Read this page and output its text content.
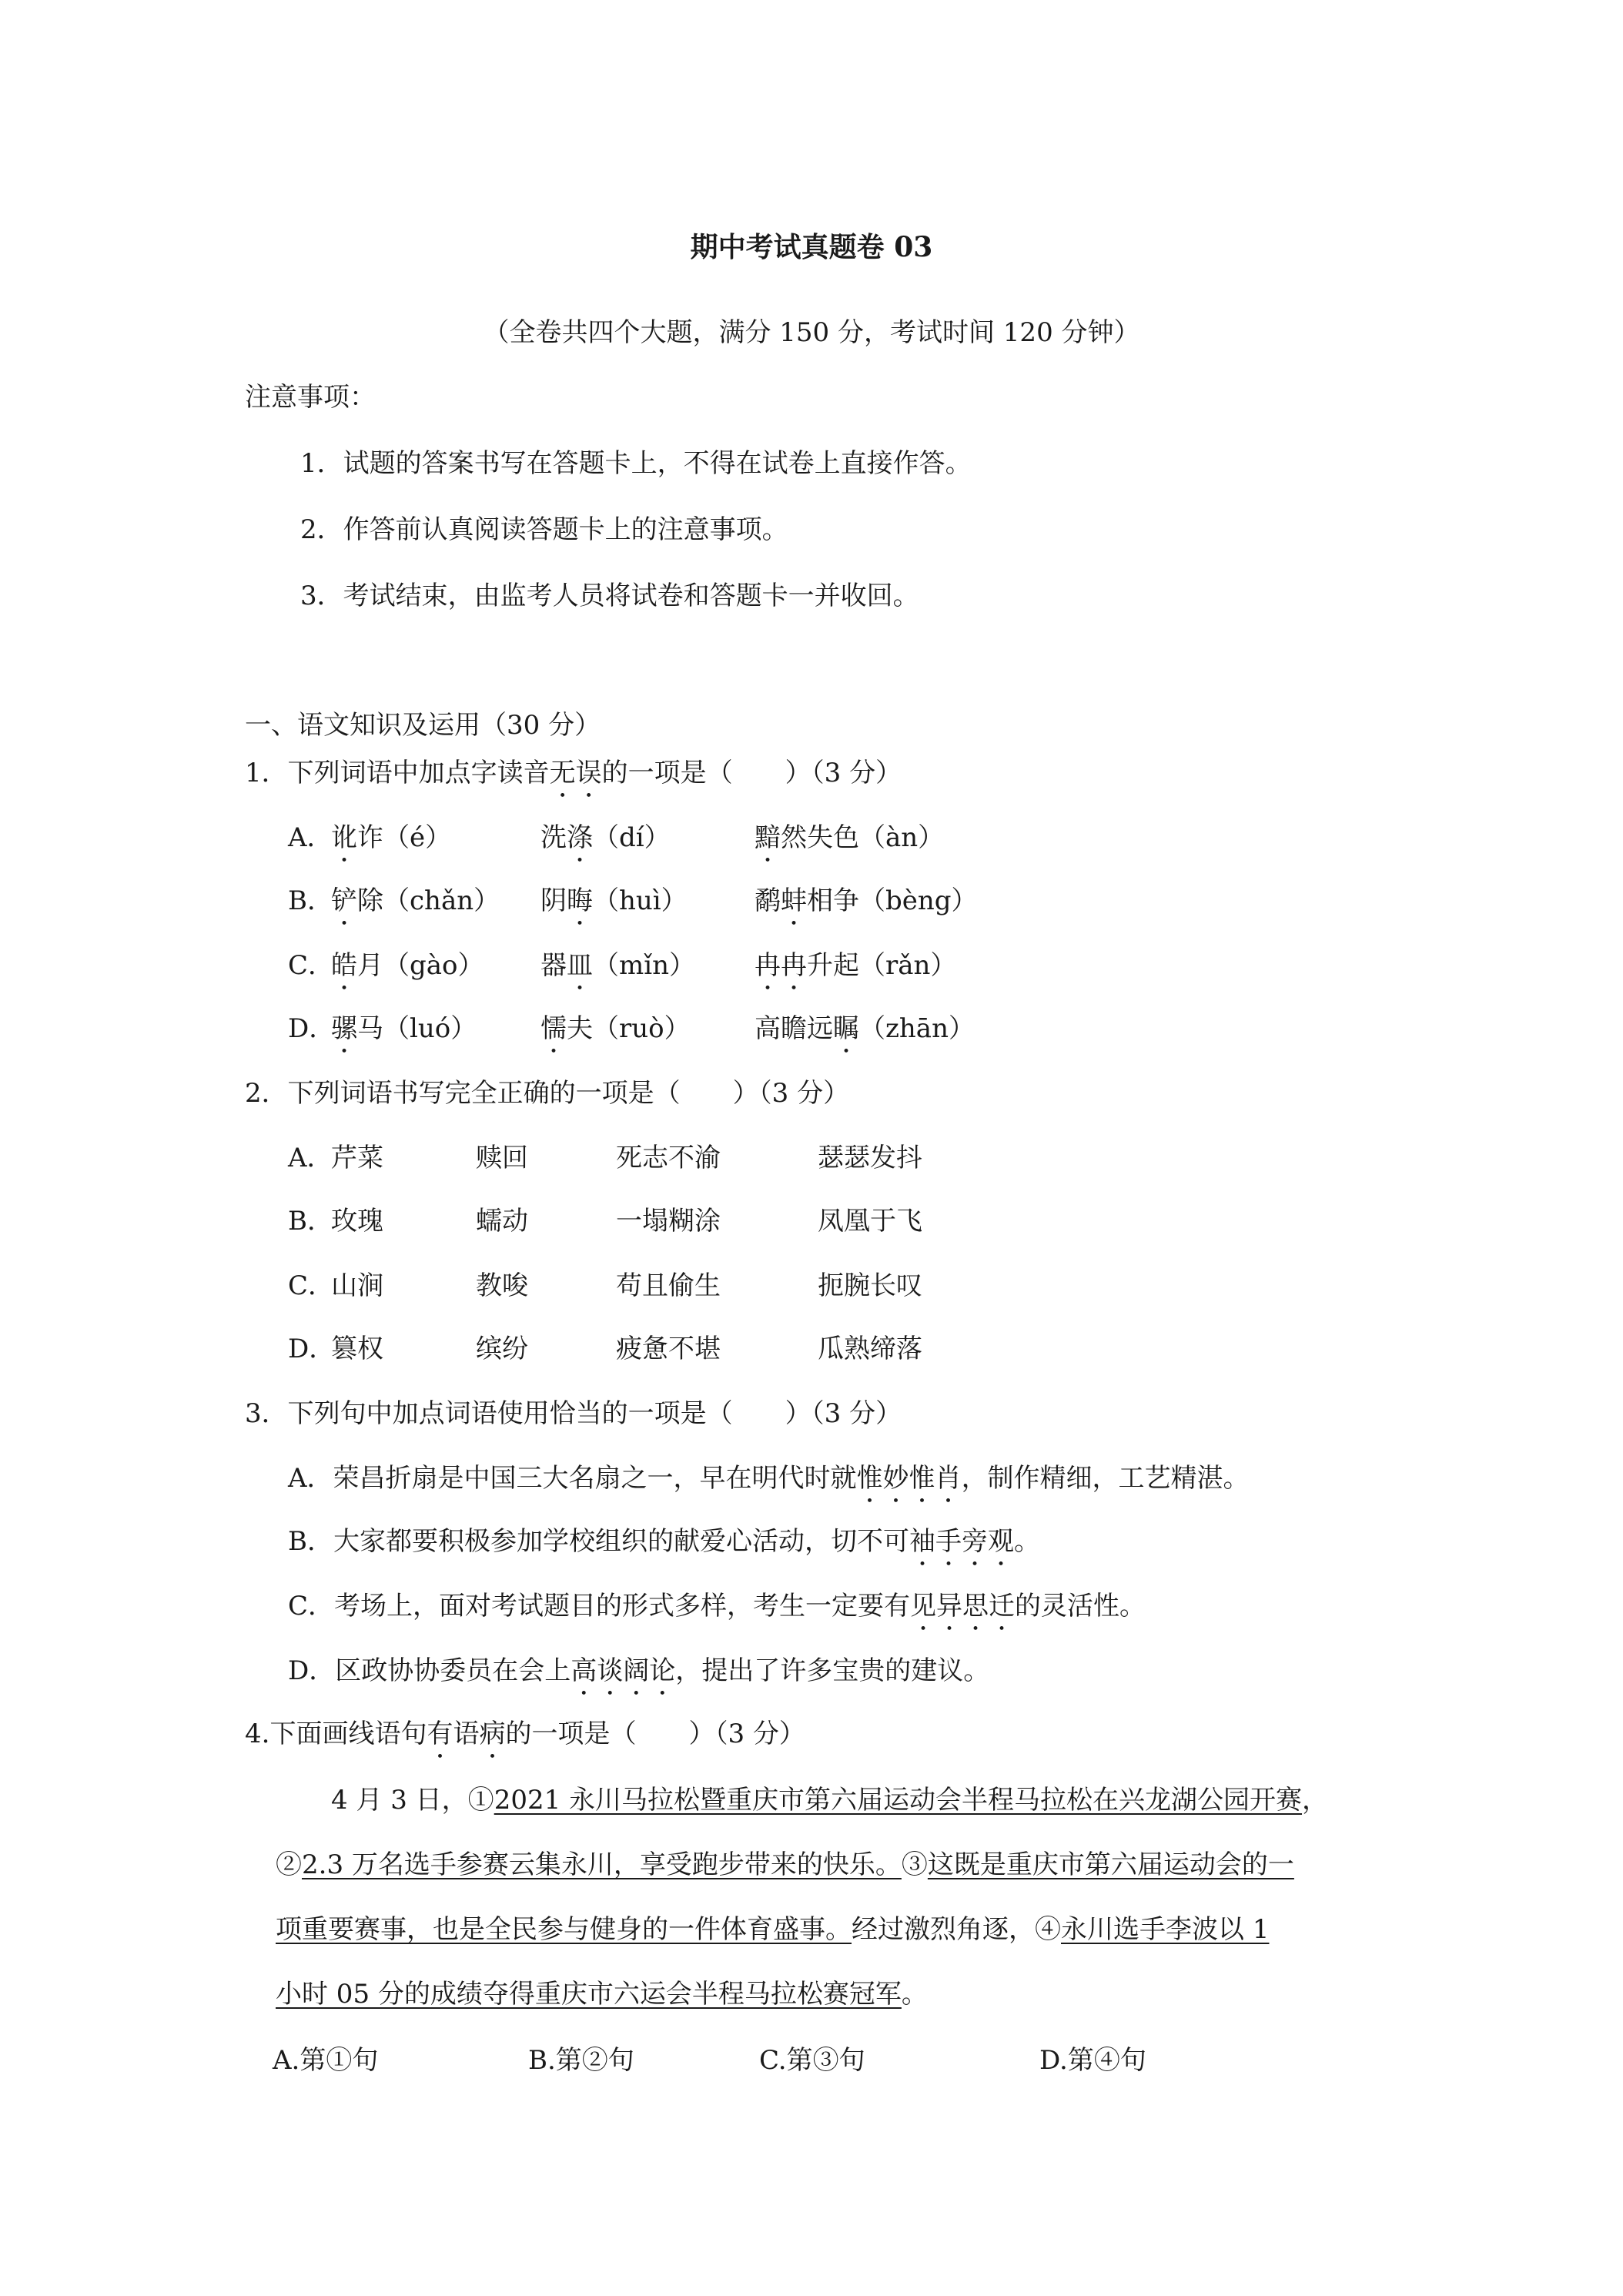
期中考试真题卷 03
（全卷共四个大题，满分 150 分，考试时间 120 分钟）
注意事项：
1．试题的答案书写在答题卡上，不得在试卷上直接作答。
2．作答前认真阅读答题卡上的注意事项。
3．考试结束，由监考人员将试卷和答题卡一并收回。
一、语文知识及运用（30 分）
1．下列词语中加点字读音无误的一项是（　　）（3 分）
A．
讹诈（é）	洗涤（dí）	黯然失色（àn）
B．
铲除（chǎn） 阴晦（huì）	鹬蚌相争（bèng）
C．
皓月（gào） 器皿（mǐn） 冉冉升起（rǎn）
D．
骡马（luó） 懦夫（ruò） 高瞻远瞩（zhān）
2．下列词语书写完全正确的一项是（　　）（3 分）
A．
芹菜	赎回	死志不渝	瑟瑟发抖
B．
玫瑰	蠕动	一塌糊涂	凤凰于飞
C．
山涧	教唆	苟且偷生	扼腕长叹
D．
篡权	缤纷	疲惫不堪	瓜熟缔落
3．下列句中加点词语使用恰当的一项是（　　）（3 分）
A．荣昌折扇是中国三大名扇之一，早在明代时就惟妙惟肖，制作精细，工艺精湛。
B．大家都要积极参加学校组织的献爱心活动，切不可袖手旁观。
C．考场上，面对考试题目的形式多样，考生一定要有见异思迁的灵活性。
D．区政协协委员在会上高谈阔论，提出了许多宝贵的建议。
4.下面画线语句有语病的一项是（　　）（3 分）
4 月 3 日，①2021 永川马拉松暨重庆市第六届运动会半程马拉松在兴龙湖公园开赛，
②2.3 万名选手参赛云集永川，享受跑步带来的快乐。③这既是重庆市第六届运动会的一
项重要赛事，也是全民参与健身的一件体育盛事。经过激烈角逐，④永川选手李波以 1
小时 05 分的成绩夺得重庆市六运会半程马拉松赛冠军。
A.第①句	B.第②句	C.第③句	D.第④句
